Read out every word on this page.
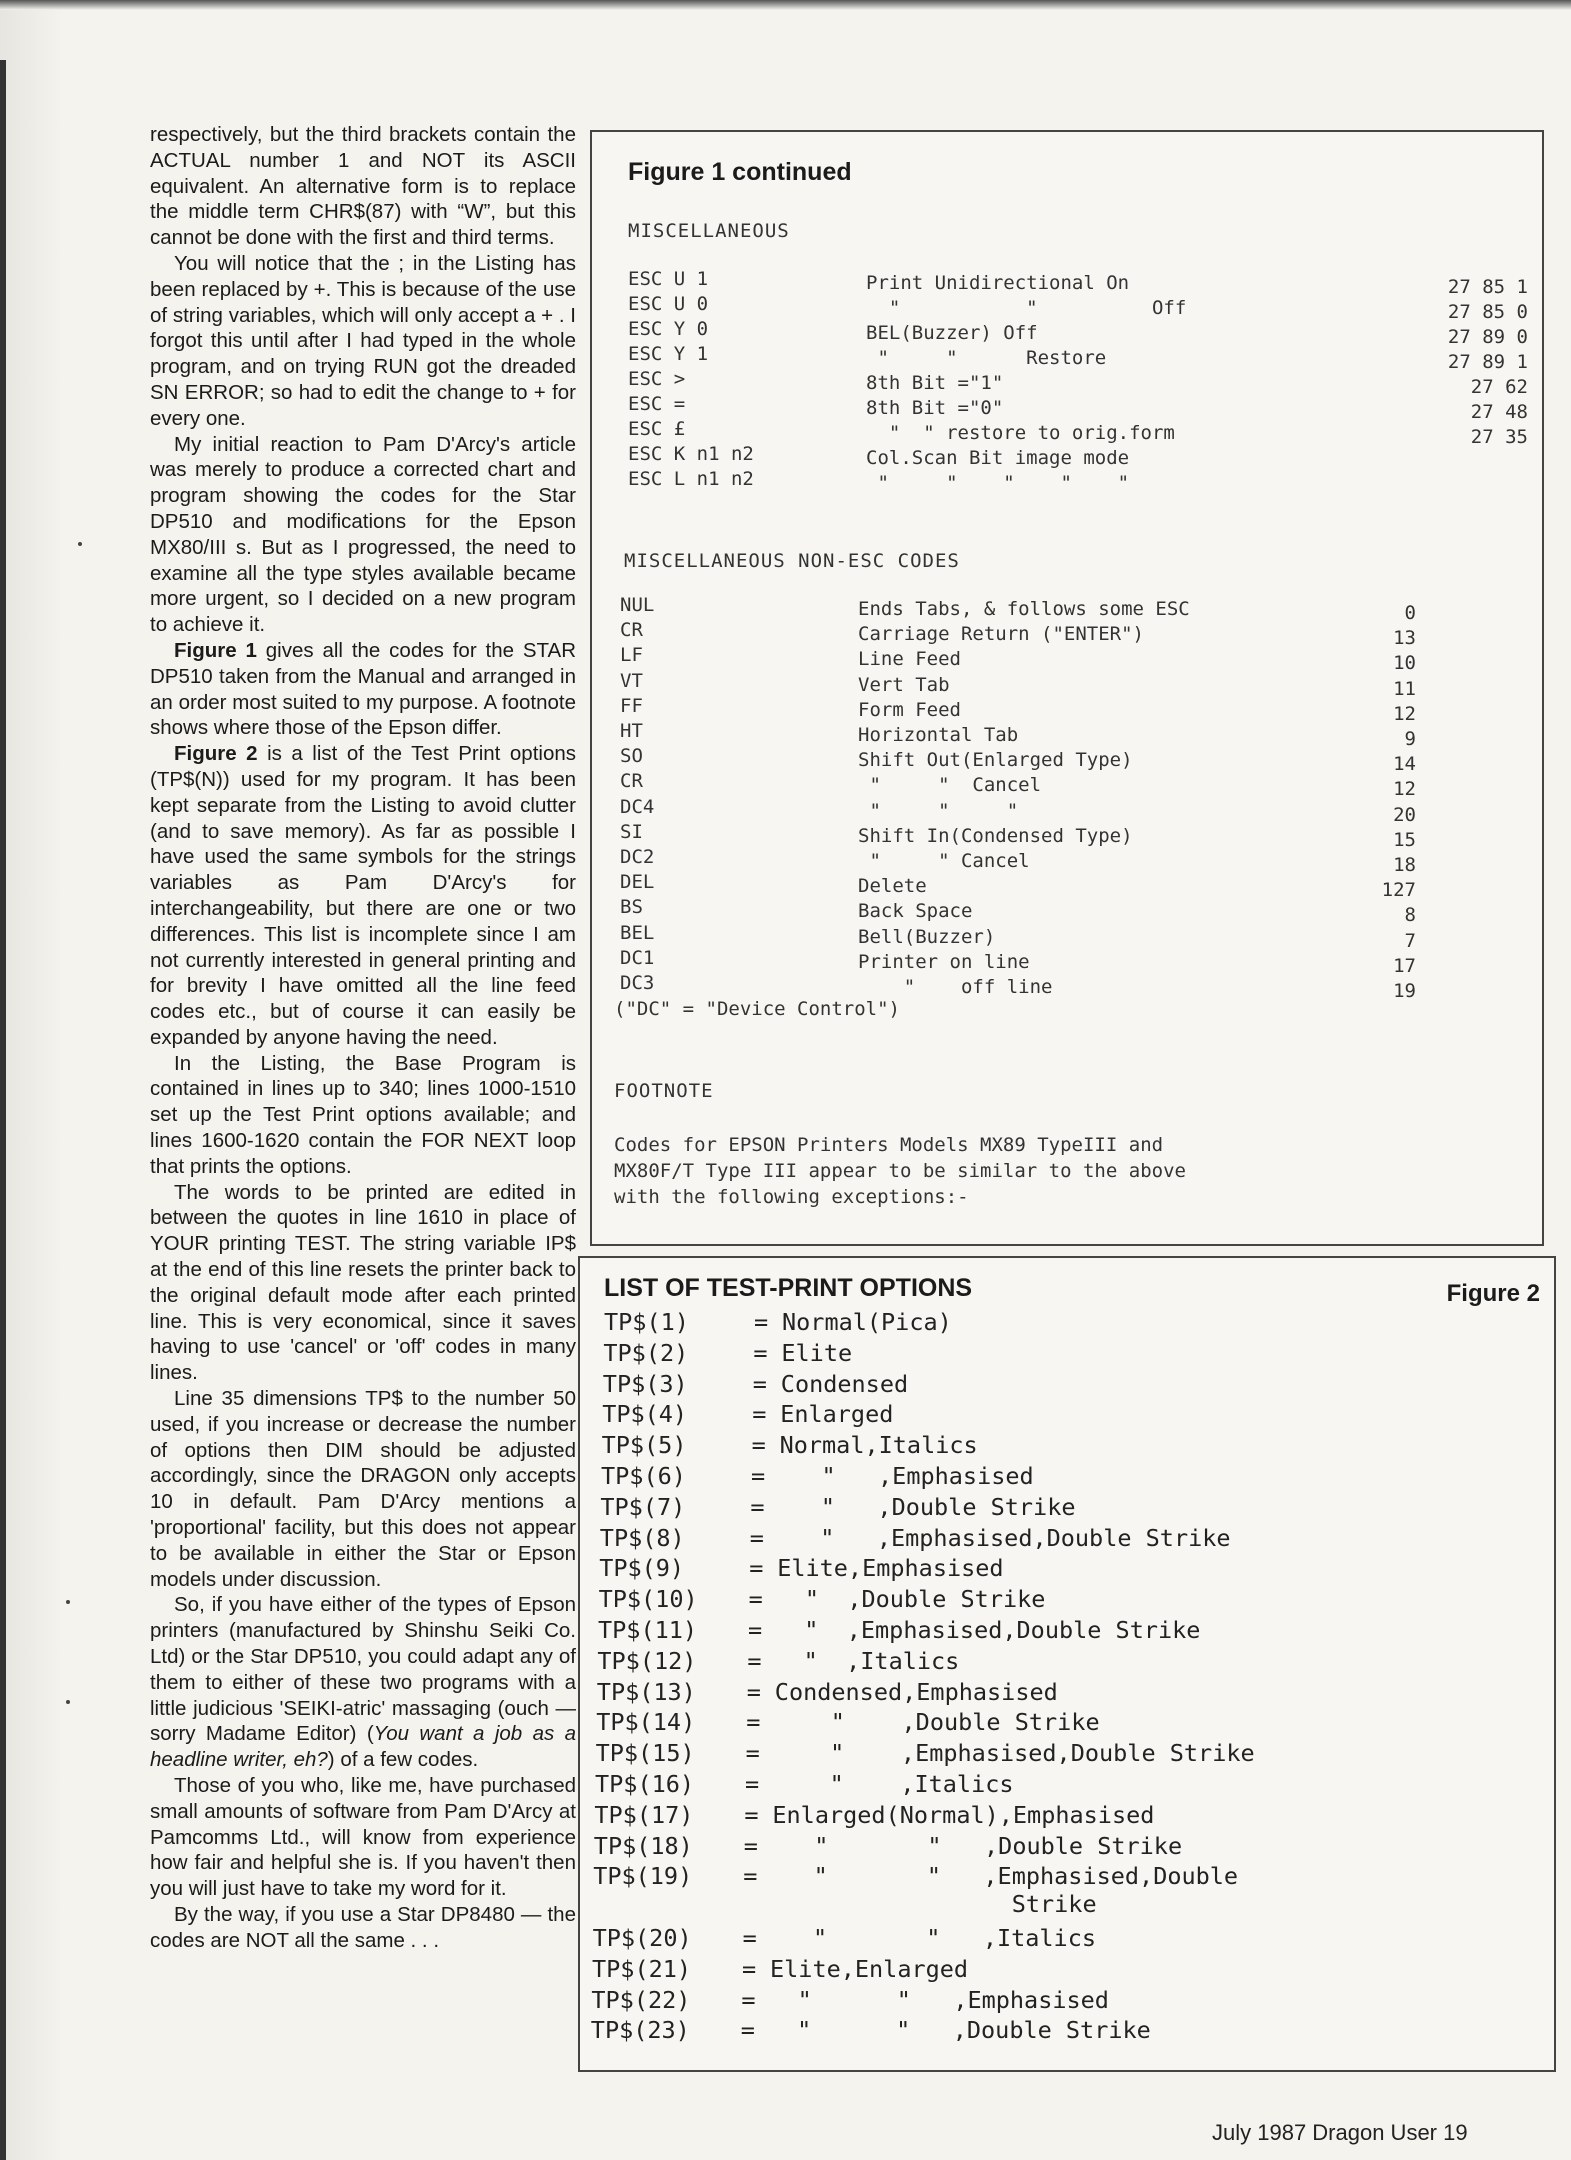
respectively, but the third brackets contain the ACTUAL number 1 and NOT its ASCII equivalent. An alternative form is to replace the middle term CHR$(87) with “W”, but this cannot be done with the first and third terms.

You will notice that the ; in the Listing has been replaced by +. This is because of the use of string variables, which will only accept a + . I forgot this until after I had typed in the whole program, and on trying RUN got the dreaded SN ERROR; so had to edit the change to + for every one.

My initial reaction to Pam D'Arcy's article was merely to produce a corrected chart and program showing the codes for the Star DP510 and modifications for the Epson MX80/III s. But as I progressed, the need to examine all the type styles available became more urgent, so I decided on a new program to achieve it.

Figure 1 gives all the codes for the STAR DP510 taken from the Manual and arranged in an order most suited to my purpose. A footnote shows where those of the Epson differ.

Figure 2 is a list of the Test Print options (TP$(N)) used for my program. It has been kept separate from the Listing to avoid clutter (and to save memory). As far as possible I have used the same symbols for the strings variables as Pam D'Arcy's for interchangeability, but there are one or two differences. This list is incomplete since I am not currently interested in general printing and for brevity I have omitted all the line feed codes etc., but of course it can easily be expanded by anyone having the need.

In the Listing, the Base Program is contained in lines up to 340; lines 1000-1510 set up the Test Print options available; and lines 1600-1620 contain the FOR NEXT loop that prints the options.

The words to be printed are edited in between the quotes in line 1610 in place of YOUR printing TEST. The string variable IP$ at the end of this line resets the printer back to the original default mode after each printed line. This is very economical, since it saves having to use 'cancel' or 'off' codes in many lines.

Line 35 dimensions TP$ to the number 50 used, if you increase or decrease the number of options then DIM should be adjusted accordingly, since the DRAGON only accepts 10 in default. Pam D'Arcy mentions a 'proportional' facility, but this does not appear to be available in either the Star or Epson models under discussion.

So, if you have either of the types of Epson printers (manufactured by Shinshu Seiki Co. Ltd) or the Star DP510, you could adapt any of them to either of these two programs with a little judicious 'SEIKI-atric' massaging (ouch — sorry Madame Editor) (You want a job as a headline writer, eh?) of a few codes.

Those of you who, like me, have purchased small amounts of software from Pam D'Arcy at Pamcomms Ltd., will know from experience how fair and helpful she is. If you haven't then you will just have to take my word for it.

By the way, if you use a Star DP8480 — the codes are NOT all the same . . .

Figure 1 continued
MISCELLANEOUS
ESC U 1	Print Unidirectional On	27 85 1
ESC U 0	"           "          Off	27 85 0
ESC Y 0	BEL(Buzzer) Off	27 89 0
ESC Y 1	"     "      Restore	27 89 1
ESC >	8th Bit ="1"	27 62
ESC =	8th Bit ="0"	27 48
ESC £	"  " restore to orig.form	27 35
ESC K n1 n2	Col.Scan Bit image mode
ESC L n1 n2	"     "    "    "    "
MISCELLANEOUS NON-ESC CODES
NUL	Ends Tabs, & follows some ESC	0
CR	Carriage Return ("ENTER")	13
LF	Line Feed	10
VT	Vert Tab	11
FF	Form Feed	12
HT	Horizontal Tab	9
SO	Shift Out(Enlarged Type)	14
CR	"     "  Cancel	12
DC4	"     "     "	20
SI	Shift In(Condensed Type)	15
DC2	"     " Cancel	18
DEL	Delete	127
BS	Back Space	8
BEL	Bell(Buzzer)	7
DC1	Printer on line	17
DC3	"    off line	19
("DC" = "Device Control")
FOOTNOTE
Codes for EPSON Printers Models MX89 TypeIII and
MX80F/T Type III appear to be similar to the above
with the following exceptions:-
LIST OF TEST-PRINT OPTIONS	Figure 2
TP$(1)	= Normal(Pica)
TP$(2)	= Elite
TP$(3)	= Condensed
TP$(4)	= Enlarged
TP$(5)	= Normal,Italics
TP$(6)	= "   ,Emphasised
TP$(7)	= "   ,Double Strike
TP$(8)	= "   ,Emphasised,Double Strike
TP$(9)	= Elite,Emphasised
TP$(10) = "  ,Double Strike
TP$(11) = "  ,Emphasised,Double Strike
TP$(12) = "  ,Italics
TP$(13) = Condensed,Emphasised
TP$(14) = "    ,Double Strike
TP$(15) = "    ,Emphasised,Double Strike
TP$(16) = "    ,Italics
TP$(17) = Enlarged(Normal),Emphasised
TP$(18) = "       "   ,Double Strike
TP$(19) =	"       "   ,Emphasised,Double
Strike
TP$(20) = "       "   ,Italics
TP$(21) = Elite,Enlarged
TP$(22) = "      "   ,Emphasised
TP$(23) = "      "   ,Double Strike
July 1987 Dragon User 19
